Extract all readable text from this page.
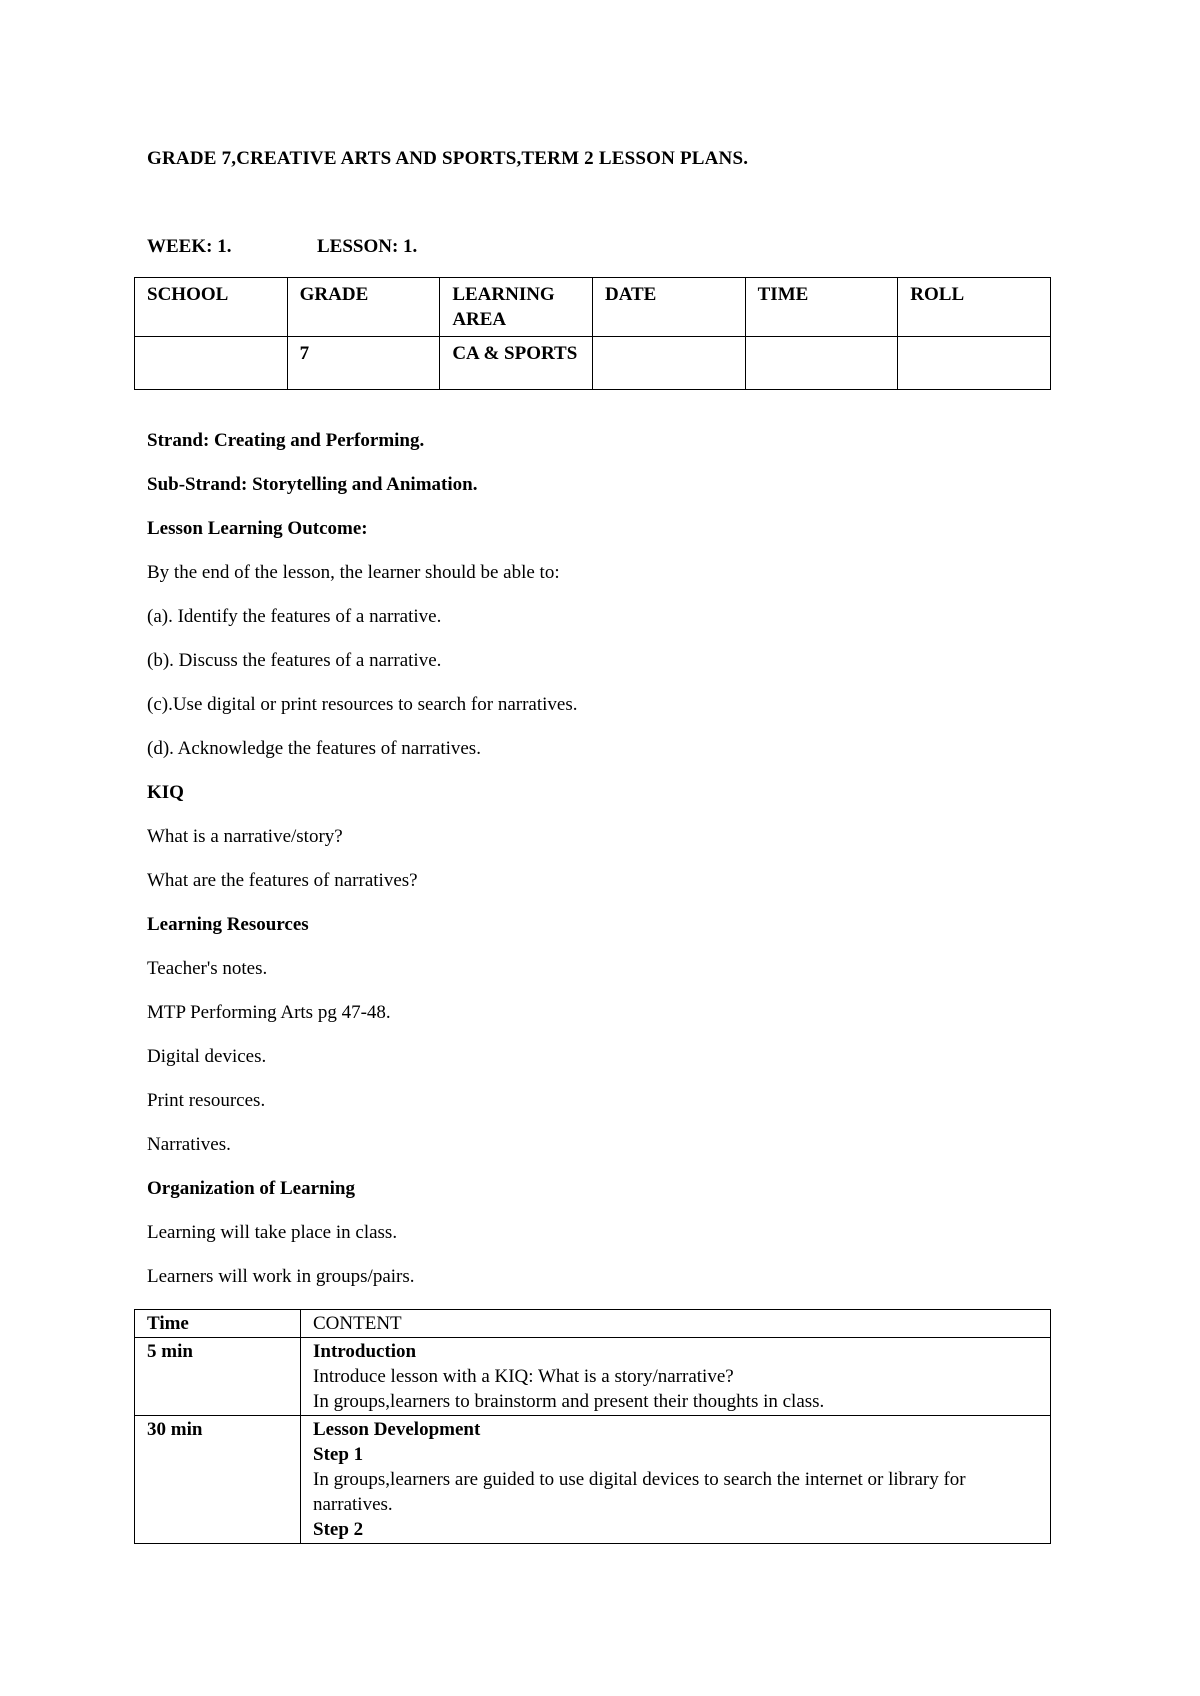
GRADE 7,CREATIVE ARTS AND SPORTS,TERM 2 LESSON PLANS.
WEEK: 1.	LESSON: 1.
SCHOOL	GRADE	LEARNING AREA	DATE	TIME	ROLL
	7	CA & SPORTS			

Strand: Creating and Performing.

Sub-Strand: Storytelling and Animation.

Lesson Learning Outcome:

By the end of the lesson, the learner should be able to:

(a). Identify the features of a narrative.

(b). Discuss the features of a narrative.

(c).Use digital or print resources to search for narratives.

(d). Acknowledge the features of narratives.

KIQ

What is a narrative/story?

What are the features of narratives?

Learning Resources

Teacher's notes.

MTP Performing Arts pg 47-48.

Digital devices.

Print resources.

Narratives.

Organization of Learning

Learning will take place in class.

Learners will work in groups/pairs.

Time	CONTENT
5 min	Introduction
Introduce lesson with a KIQ: What is a story/narrative?
In groups,learners to brainstorm and present their thoughts in class.

30 min	Lesson Development
Step 1
In groups,learners are guided to use digital devices to search the internet or library for narratives.
Step 2
